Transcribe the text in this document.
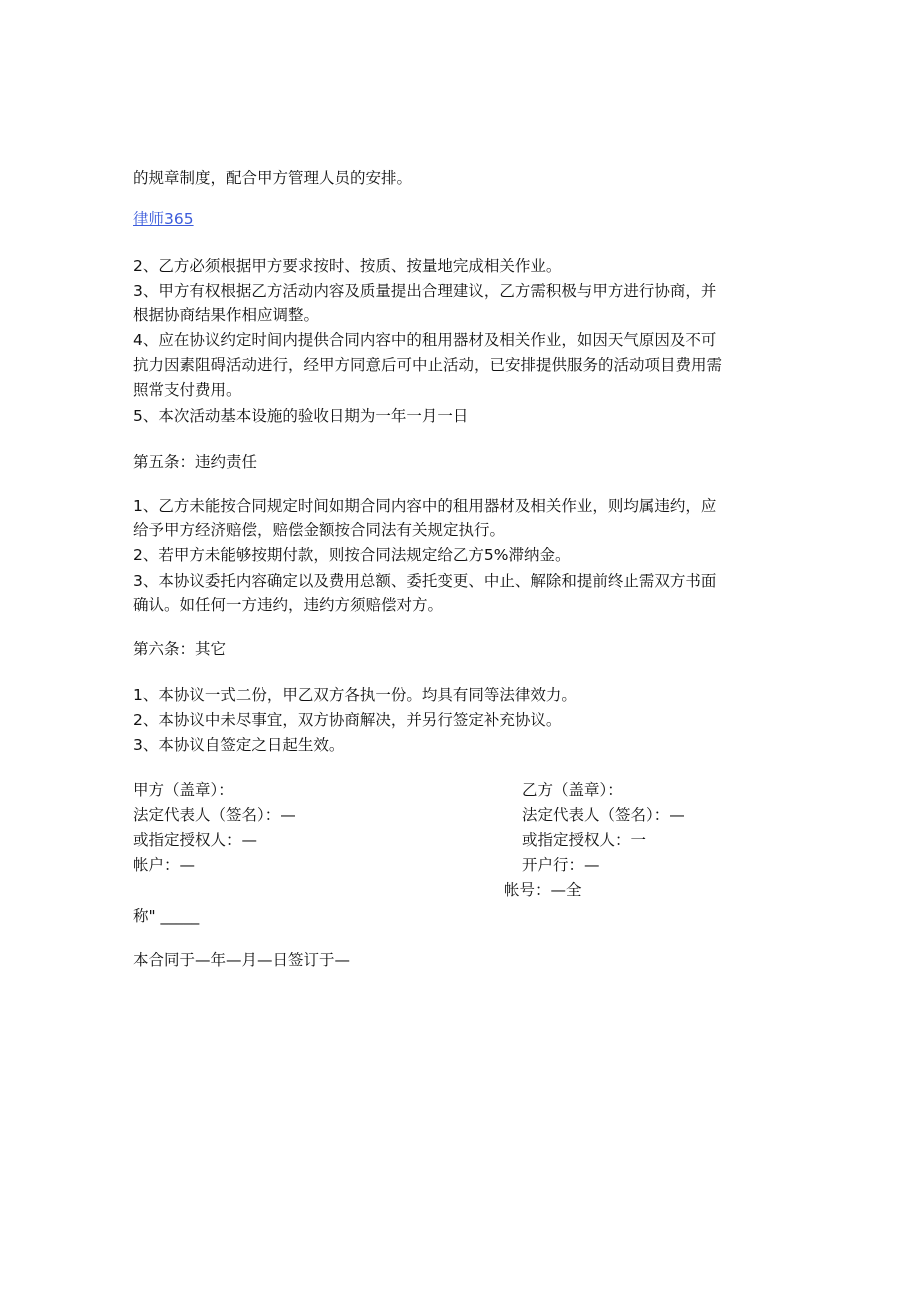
的规章制度，配合甲方管理人员的安排。
律师365
2、乙方必须根据甲方要求按时、按质、按量地完成相关作业。
3、甲方有权根据乙方活动内容及质量提出合理建议，乙方需积极与甲方进行协商，并
根据协商结果作相应调整。
4、应在协议约定时间内提供合同内容中的租用器材及相关作业，如因天气原因及不可
抗力因素阻碍活动进行，经甲方同意后可中止活动，已安排提供服务的活动项目费用需
照常支付费用。
5、本次活动基本设施的验收日期为一年一月一日
第五条：违约责任
1、乙方未能按合同规定时间如期合同内容中的租用器材及相关作业，则均属违约，应
给予甲方经济赔偿，赔偿金额按合同法有关规定执行。
2、若甲方未能够按期付款，则按合同法规定给乙方5%滞纳金。
3、本协议委托内容确定以及费用总额、委托变更、中止、解除和提前终止需双方书面
确认。如任何一方违约，违约方须赔偿对方。
第六条：其它
1、本协议一式二份，甲乙双方各执一份。均具有同等法律效力。
2、本协议中未尽事宜，双方协商解决，并另行签定补充协议。
3、本协议自签定之日起生效。
甲方（盖章）：	乙方（盖章）：
法定代表人（签名）：—	法定代表人（签名）：—
或指定授权人：—	或指定授权人：一
帐户：—	开户行：—
帐号：—全
称" _____
本合同于—年—月—日签订于—
